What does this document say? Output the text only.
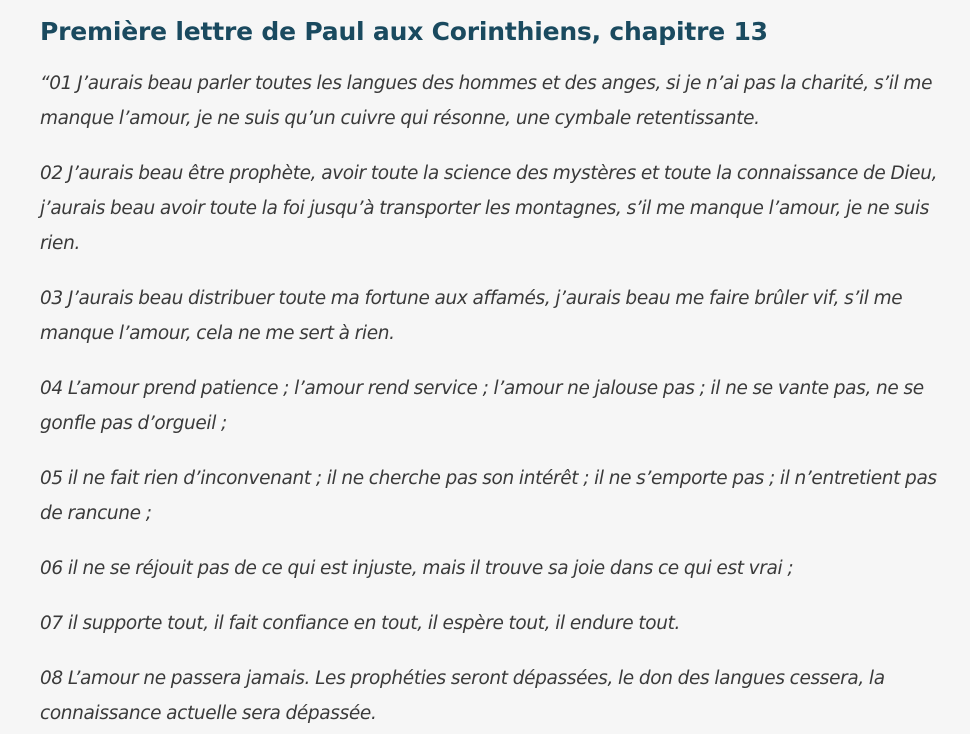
Première lettre de Paul aux Corinthiens, chapitre 13

“01 J’aurais beau parler toutes les langues des hommes et des anges, si je n’ai pas la charité, s’il me manque l’amour, je ne suis qu’un cuivre qui résonne, une cymbale retentissante.

02 J’aurais beau être prophète, avoir toute la science des mystères et toute la connaissance de Dieu, j’aurais beau avoir toute la foi jusqu’à transporter les montagnes, s’il me manque l’amour, je ne suis rien.

03 J’aurais beau distribuer toute ma fortune aux affamés, j’aurais beau me faire brûler vif, s’il me manque l’amour, cela ne me sert à rien.

04 L’amour prend patience ; l’amour rend service ; l’amour ne jalouse pas ; il ne se vante pas, ne se gonfle pas d’orgueil ;

05 il ne fait rien d’inconvenant ; il ne cherche pas son intérêt ; il ne s’emporte pas ; il n’entretient pas de rancune ;

06 il ne se réjouit pas de ce qui est injuste, mais il trouve sa joie dans ce qui est vrai ;

07 il supporte tout, il fait confiance en tout, il espère tout, il endure tout.

08 L’amour ne passera jamais. Les prophéties seront dépassées, le don des langues cessera, la connaissance actuelle sera dépassée.
